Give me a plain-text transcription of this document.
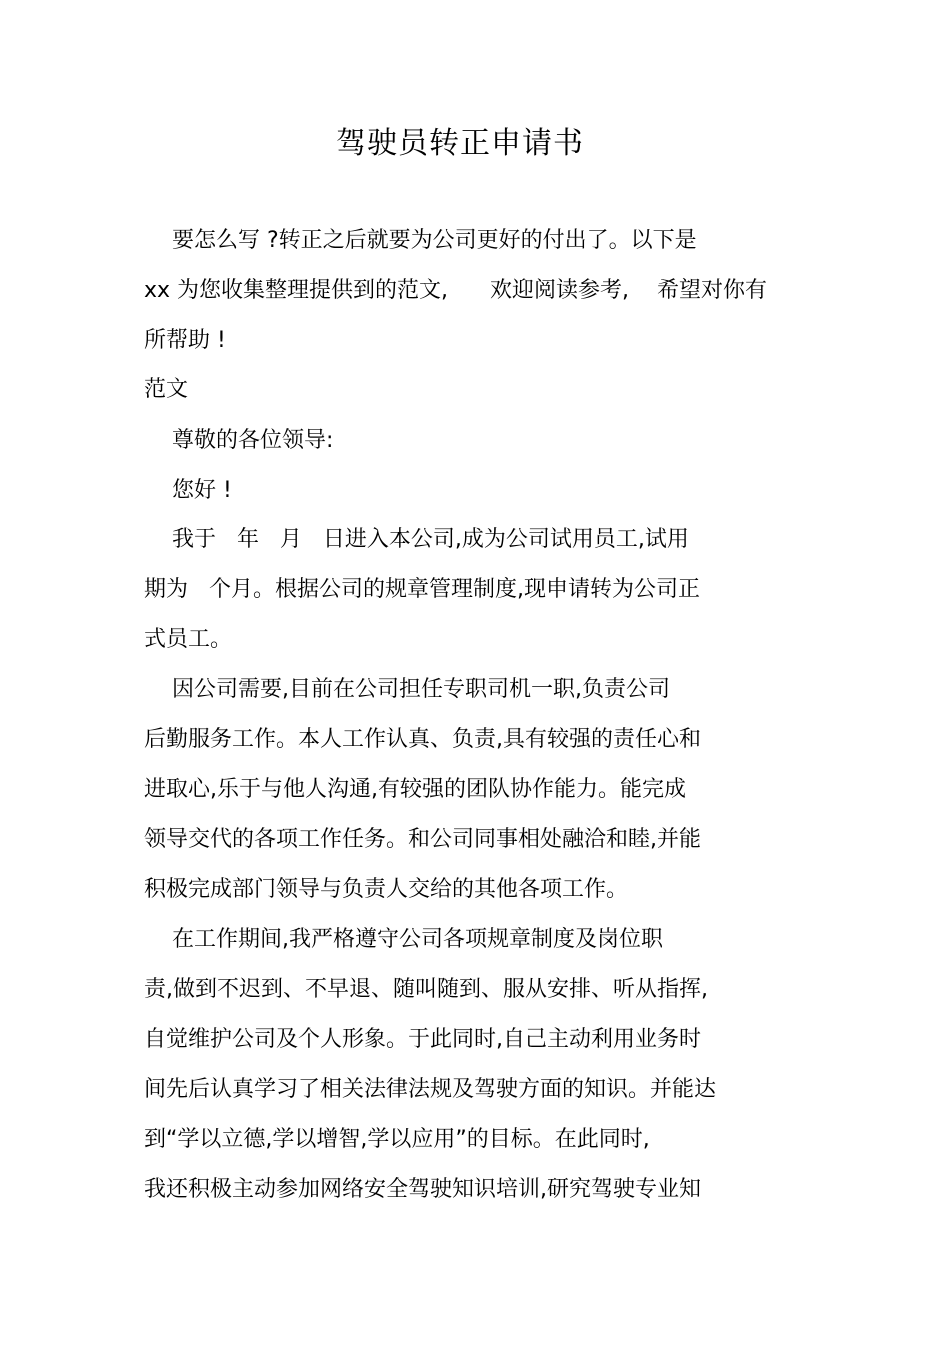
驾驶员转正申请书

要怎么写 ?转正之后就要为公司更好的付出了。以下是

xx 为您收集整理提供到的范文,      欢迎阅读参考,    希望对你有

所帮助 !

范文

尊敬的各位领导:

您好 !

我于   年   月   日进入本公司,成为公司试用员工,试用

期为   个月。根据公司的规章管理制度,现申请转为公司正

式员工。

因公司需要,目前在公司担任专职司机一职,负责公司

后勤服务工作。本人工作认真、负责,具有较强的责任心和

进取心,乐于与他人沟通,有较强的团队协作能力。能完成

领导交代的各项工作任务。和公司同事相处融洽和睦,并能

积极完成部门领导与负责人交给的其他各项工作。

在工作期间,我严格遵守公司各项规章制度及岗位职

责,做到不迟到、不早退、随叫随到、服从安排、听从指挥,

自觉维护公司及个人形象。于此同时,自己主动利用业务时

间先后认真学习了相关法律法规及驾驶方面的知识。并能达

到“学以立德,学以增智,学以应用”的目标。在此同时,

我还积极主动参加网络安全驾驶知识培训,研究驾驶专业知
